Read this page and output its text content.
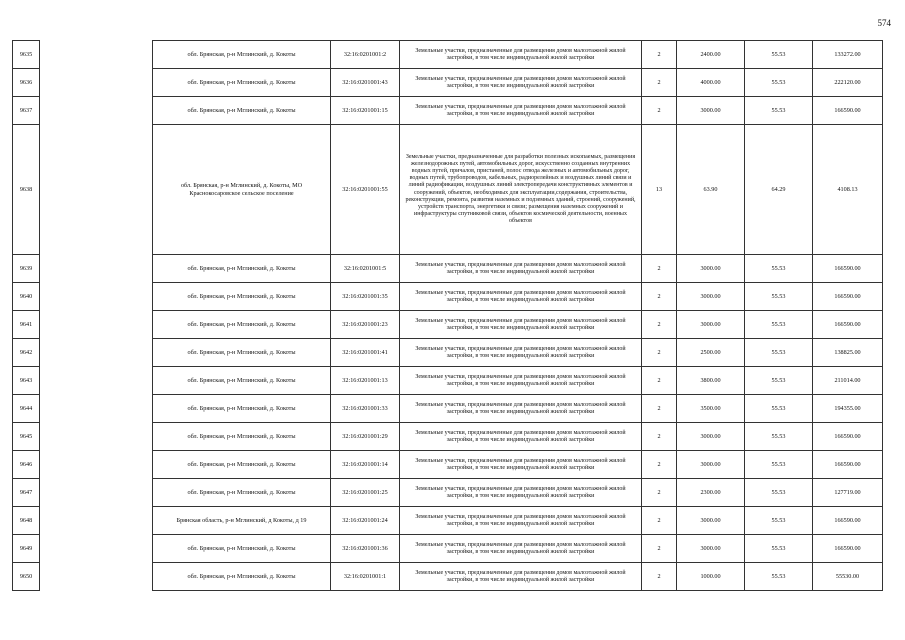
574
9635		обл. Брянская, р-н Мглинский, д. Кокоты	32:16:0201001:2	Земельные участки, предназначенные для размещения домов малоэтажной жилой застройки, в том числе индивидуальной жилой застройки	2	2400.00	55.53	133272.00
9636		обл. Брянская, р-н Мглинский, д. Кокоты	32:16:0201001:43	Земельные участки, предназначенные для размещения домов малоэтажной жилой застройки, в том числе индивидуальной жилой застройки	2	4000.00	55.53	222120.00
9637		обл. Брянская, р-н Мглинский, д. Кокоты	32:16:0201001:15	Земельные участки, предназначенные для размещения домов малоэтажной жилой застройки, в том числе индивидуальной жилой застройки	2	3000.00	55.53	166590.00
9638		обл. Брянская, р-н Мглинский, д. Кокоты, МО Краснокосаровское сельское поселение	32:16:0201001:55	Земельные участки, предназначенные для разработки полезных ископаемых, размещения железнодорожных путей, автомобильных дорог, искусственно созданных внутренних водных путей, причалов, пристаней, полос отвода железных и автомобильных дорог, водных путей, трубопроводов, кабельных, радиорелейных и воздушных линий связи и линий радиофикации, воздушных линий электропередачи конструктивных элементов и сооружений, объектов, необходимых для эксплуатации,содержания, строительства, реконструкции, ремонта, развития наземных и подземных зданий, строений, сооружений, устройств транспорта, энергетики и связи; размещения наземных сооружений и инфраструктуры спутниковой связи, объектов космической деятельности, военных объектов	13	63.90	64.29	4108.13
9639		обл. Брянская, р-н Мглинский, д. Кокоты	32:16:0201001:5	Земельные участки, предназначенные для размещения домов малоэтажной жилой застройки, в том числе индивидуальной жилой застройки	2	3000.00	55.53	166590.00
9640		обл. Брянская, р-н Мглинский, д. Кокоты	32:16:0201001:35	Земельные участки, предназначенные для размещения домов малоэтажной жилой застройки, в том числе индивидуальной жилой застройки	2	3000.00	55.53	166590.00
9641		обл. Брянская, р-н Мглинский, д. Кокоты	32:16:0201001:23	Земельные участки, предназначенные для размещения домов малоэтажной жилой застройки, в том числе индивидуальной жилой застройки	2	3000.00	55.53	166590.00
9642		обл. Брянская, р-н Мглинский, д. Кокоты	32:16:0201001:41	Земельные участки, предназначенные для размещения домов малоэтажной жилой застройки, в том числе индивидуальной жилой застройки	2	2500.00	55.53	138825.00
9643		обл. Брянская, р-н Мглинский, д. Кокоты	32:16:0201001:13	Земельные участки, предназначенные для размещения домов малоэтажной жилой застройки, в том числе индивидуальной жилой застройки	2	3800.00	55.53	211014.00
9644		обл. Брянская, р-н Мглинский, д. Кокоты	32:16:0201001:33	Земельные участки, предназначенные для размещения домов малоэтажной жилой застройки, в том числе индивидуальной жилой застройки	2	3500.00	55.53	194355.00
9645		обл. Брянская, р-н Мглинский, д. Кокоты	32:16:0201001:29	Земельные участки, предназначенные для размещения домов малоэтажной жилой застройки, в том числе индивидуальной жилой застройки	2	3000.00	55.53	166590.00
9646		обл. Брянская, р-н Мглинский, д. Кокоты	32:16:0201001:14	Земельные участки, предназначенные для размещения домов малоэтажной жилой застройки, в том числе индивидуальной жилой застройки	2	3000.00	55.53	166590.00
9647		обл. Брянская, р-н Мглинский, д. Кокоты	32:16:0201001:25	Земельные участки, предназначенные для размещения домов малоэтажной жилой застройки, в том числе индивидуальной жилой застройки	2	2300.00	55.53	127719.00
9648		Брянская область, р-н Мглинский, д Кокоты, д 19	32:16:0201001:24	Земельные участки, предназначенные для размещения домов малоэтажной жилой застройки, в том числе индивидуальной жилой застройки	2	3000.00	55.53	166590.00
9649		обл. Брянская, р-н Мглинский, д. Кокоты	32:16:0201001:36	Земельные участки, предназначенные для размещения домов малоэтажной жилой застройки, в том числе индивидуальной жилой застройки	2	3000.00	55.53	166590.00
9650		обл. Брянская, р-н Мглинский, д. Кокоты	32:16:0201001:1	Земельные участки, предназначенные для размещения домов малоэтажной жилой застройки, в том числе индивидуальной жилой застройки	2	1000.00	55.53	55530.00
